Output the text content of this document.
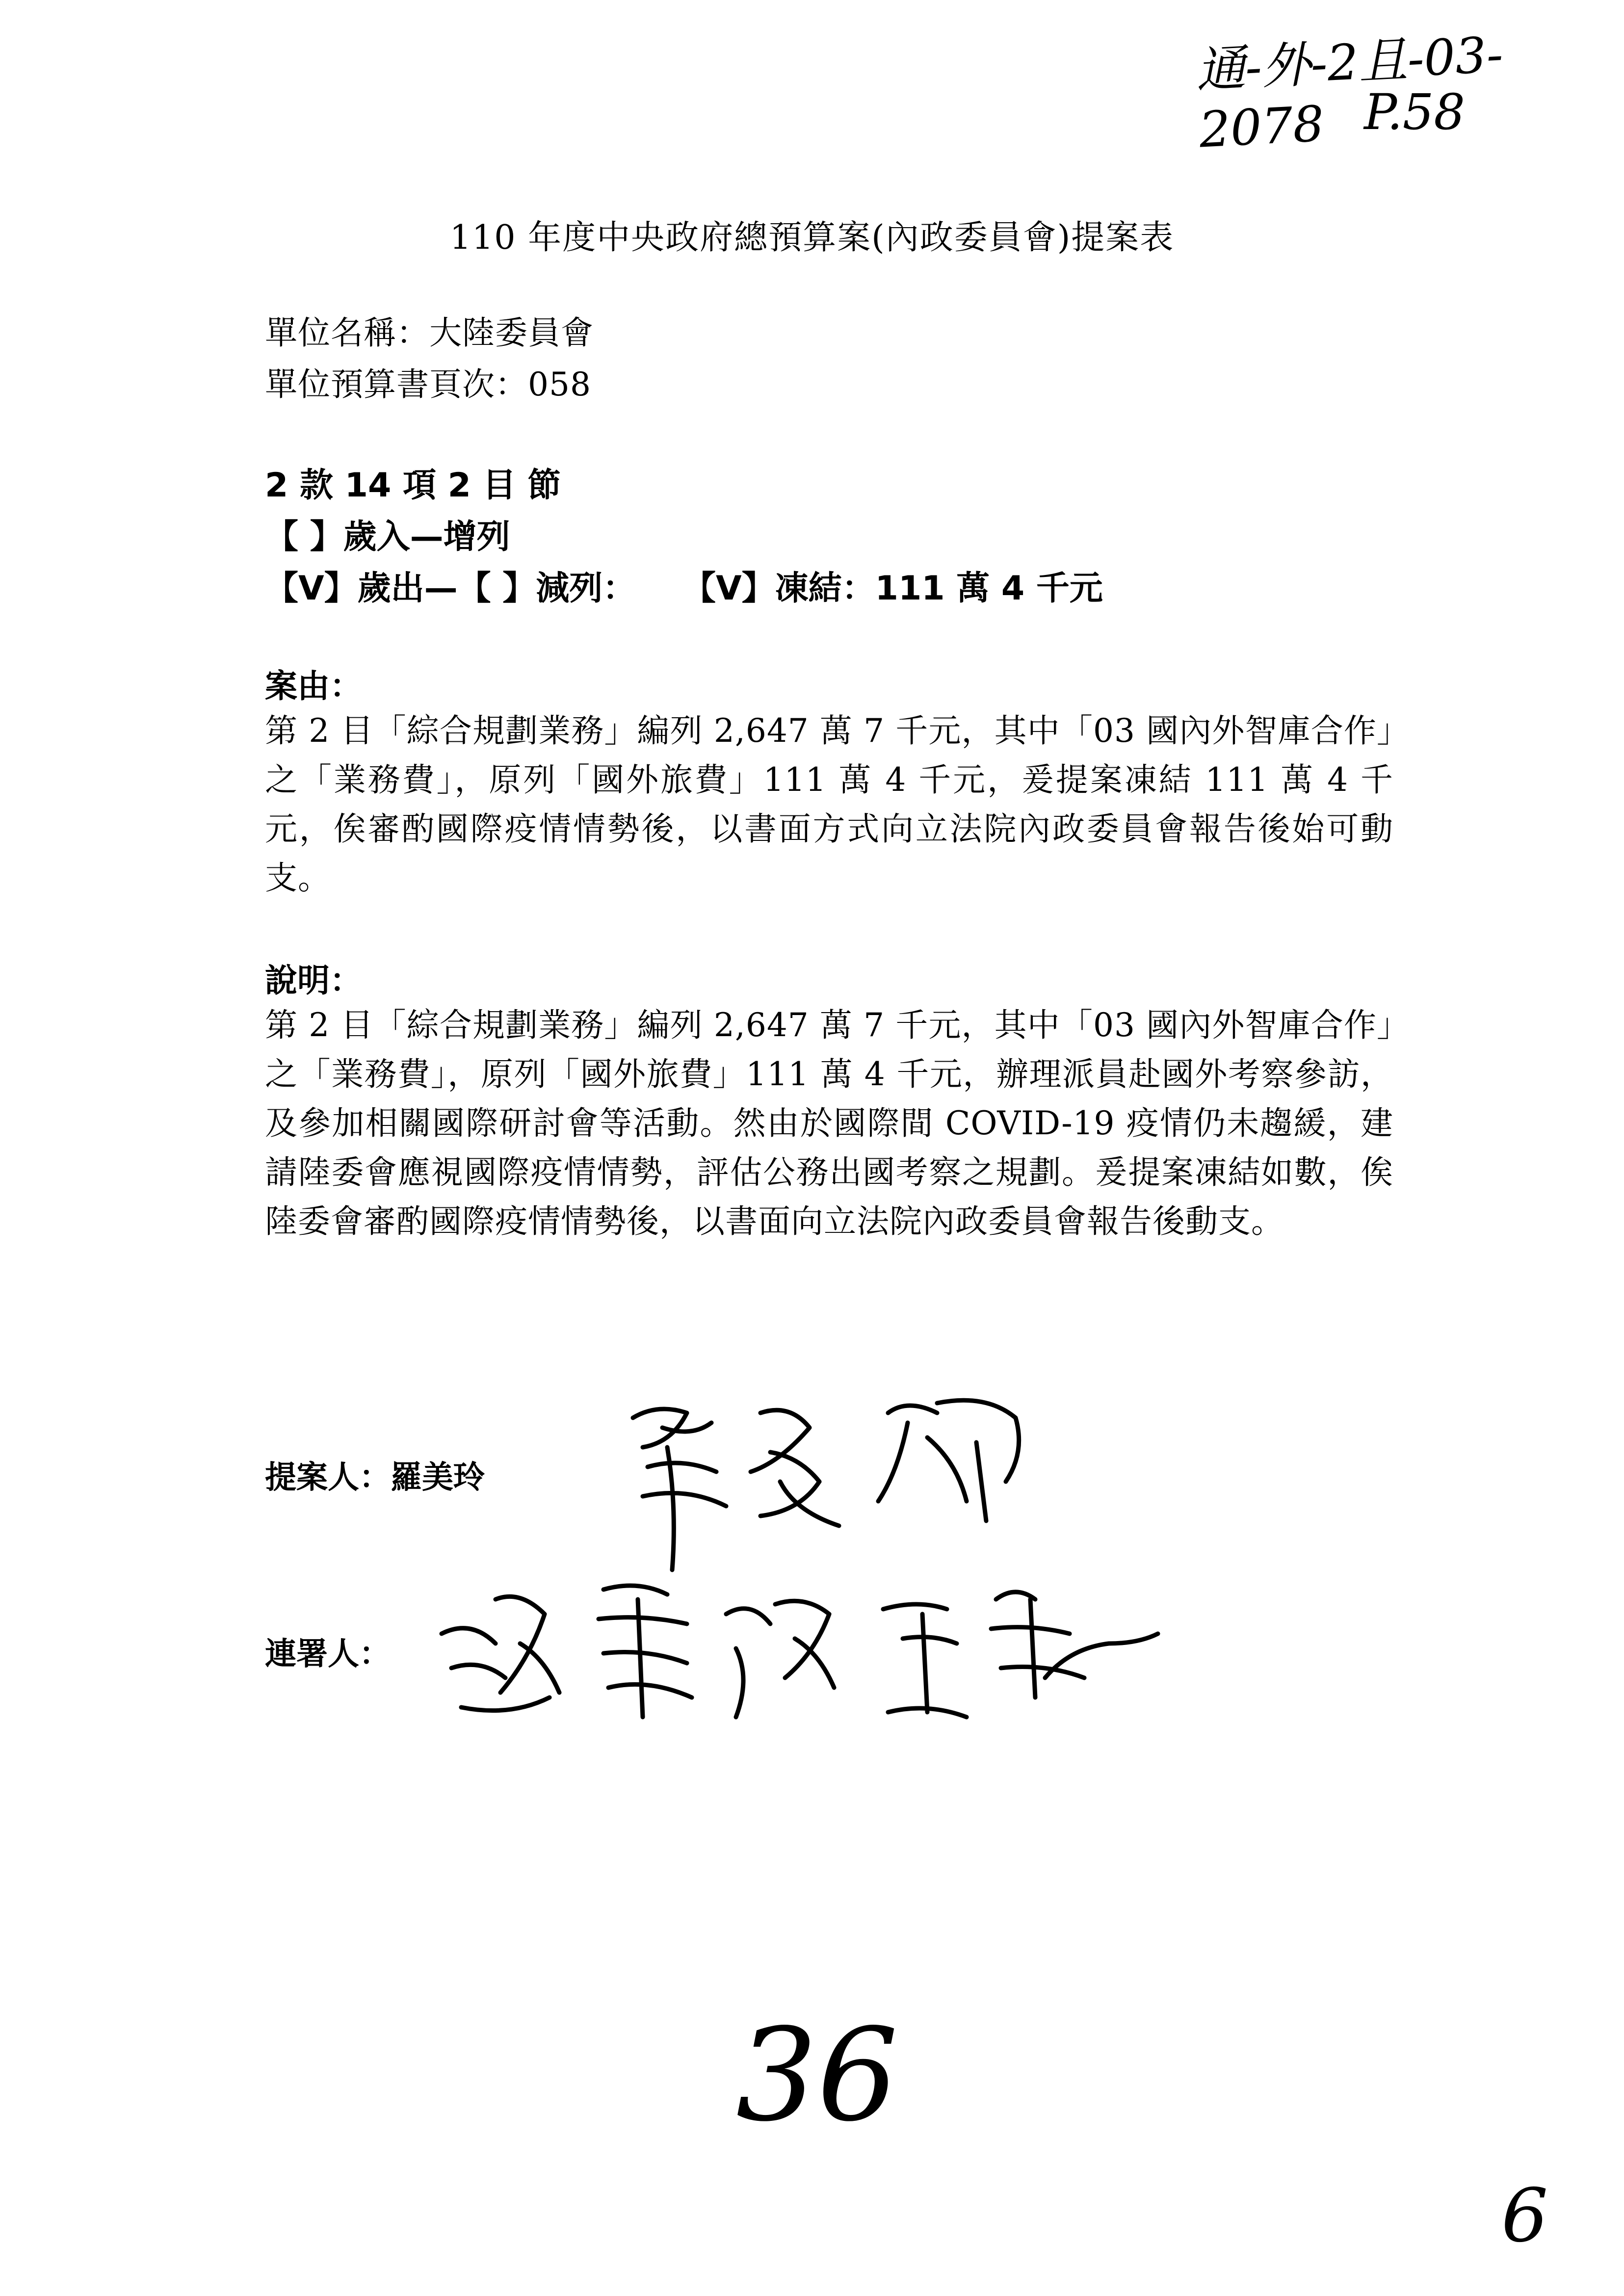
通-外-2且-03-2078 P.58
110 年度中央政府總預算案(內政委員會)提案表
單位名稱：大陸委員會
單位預算書頁次：058
2 款 14 項 2 目 節
【 】歲入—增列
【V】歲出—【 】減列：    【V】凍結：111 萬 4 千元
案由：
第 2 目「綜合規劃業務」編列 2,647 萬 7 千元，其中「03 國內外智庫合作」之「業務費」，原列「國外旅費」111 萬 4 千元，爰提案凍結 111 萬 4 千元，俟審酌國際疫情情勢後，以書面方式向立法院內政委員會報告後始可動支。
說明：
第 2 目「綜合規劃業務」編列 2,647 萬 7 千元，其中「03 國內外智庫合作」之「業務費」，原列「國外旅費」111 萬 4 千元，辦理派員赴國外考察參訪，及參加相關國際研討會等活動。然由於國際間 COVID-19 疫情仍未趨緩，建請陸委會應視國際疫情情勢，評估公務出國考察之規劃。爰提案凍結如數，俟陸委會審酌國際疫情情勢後，以書面向立法院內政委員會報告後動支。
提案人：羅美玲
連署人：
36
6
